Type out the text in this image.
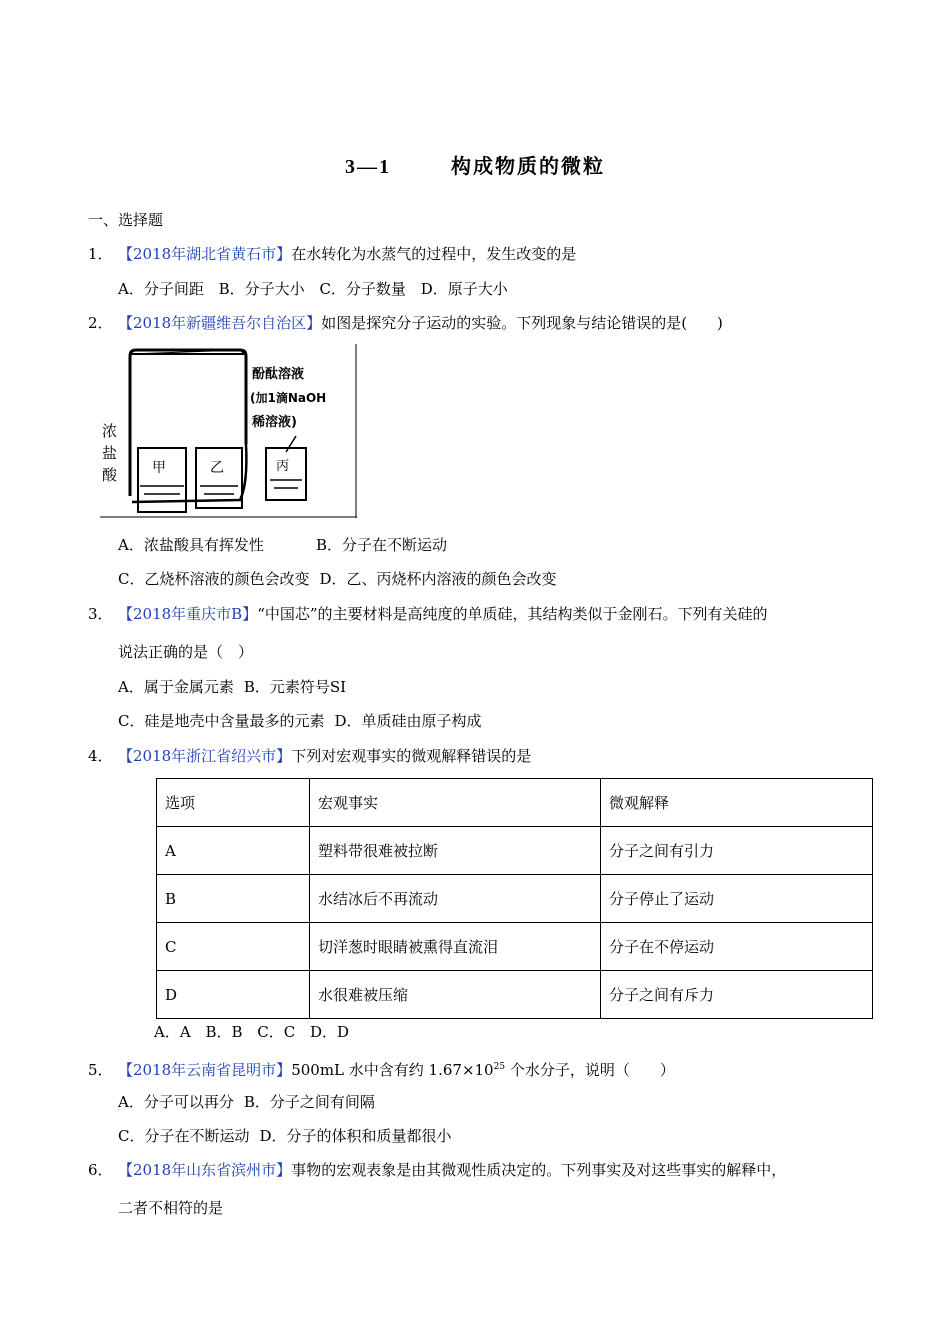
3—1	构成物质的微粒
一、选择题
1． 【2018年湖北省黄石市】在水转化为水蒸气的过程中，发生改变的是
A．分子间距 B．分子大小 C．分子数量 D．原子大小
2． 【2018年新疆维吾尔自治区】如图是探究分子运动的实验。下列现象与结论错误的是(　　)
浓
盐
酸
酚酞溶液
(加1滴NaOH
稀溶液)
甲	乙	丙
A．浓盐酸具有挥发性	B．分子在不断运动
C．乙烧杯溶液的颜色会改变 D．乙、丙烧杯内溶液的颜色会改变
3． 【2018年重庆市B】“中国芯”的主要材料是高纯度的单质硅，其结构类似于金刚石。下列有关硅的
说法正确的是（　）
A．属于金属元素 B．元素符号SI
C．硅是地壳中含量最多的元素 D．单质硅由原子构成
4． 【2018年浙江省绍兴市】下列对宏观事实的微观解释错误的是
选项	宏观事实	微观解释
A	塑料带很难被拉断	分子之间有引力
B	水结冰后不再流动	分子停止了运动
C	切洋葱时眼睛被熏得直流泪	分子在不停运动
D	水很难被压缩	分子之间有斥力
A．A B．B C．C D．D
5． 【2018年云南省昆明市】500mL 水中含有约 $1.67\times 10^{25}$ 个水分子，说明（　　）
A．分子可以再分 B．分子之间有间隔
C．分子在不断运动 D．分子的体积和质量都很小
6． 【2018年山东省滨州市】事物的宏观表象是由其微观性质决定的。下列事实及对这些事实的解释中，
二者不相符的是
